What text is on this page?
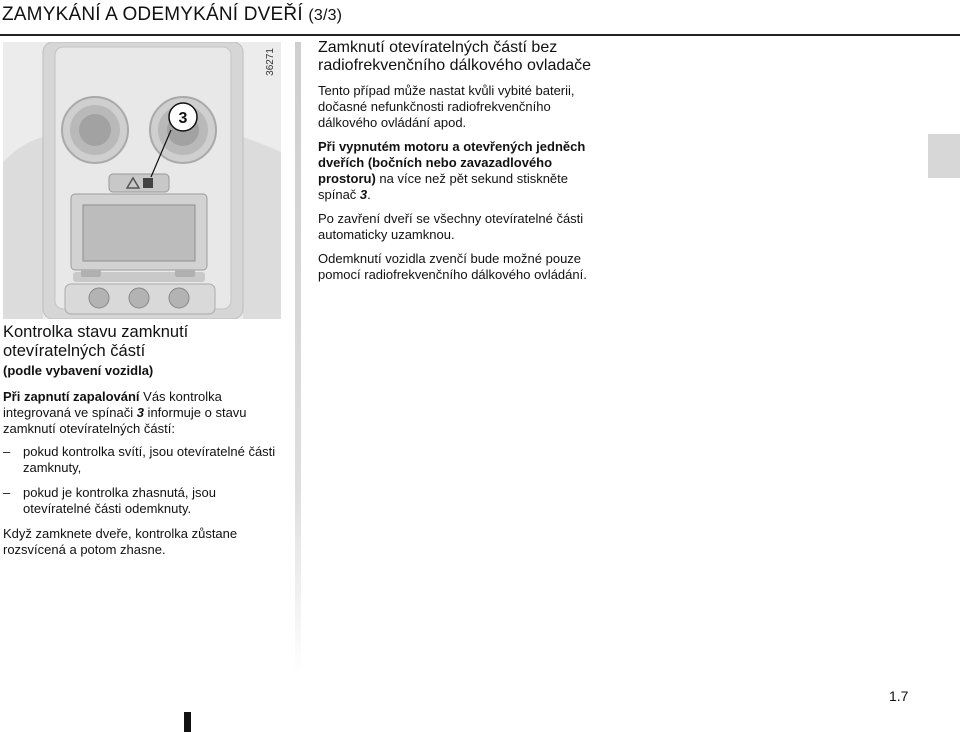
ZAMYKÁNÍ A ODEMYKÁNÍ DVEŘÍ (3/3)
3
36271
Kontrolka stavu zamknutí otevíratelných částí
(podle vybavení vozidla)

Při zapnutí zapalování Vás kontrolka integrovaná ve spínači 3 informuje o stavu zamknutí otevíratelných částí:

– pokud kontrolka svítí, jsou otevíratelné části zamknuty,
– pokud je kontrolka zhasnutá, jsou otevíratelné části odemknuty.

Když zamknete dveře, kontrolka zůstane rozsvícená a potom zhasne.

Zamknutí otevíratelných částí bez radiofrekvenčního dálkového ovladače

Tento případ může nastat kvůli vybité baterii, dočasné nefunkčnosti radiofrekvenčního dálkového ovládání apod.

Při vypnutém motoru a otevřených jedněch dveřích (bočních nebo zavazadlového prostoru) na více než pět sekund stiskněte spínač 3.

Po zavření dveří se všechny otevíratelné části automaticky uzamknou.

Odemknutí vozidla zvenčí bude možné pouze pomocí radiofrekvenčního dálkového ovládání.

1.7
